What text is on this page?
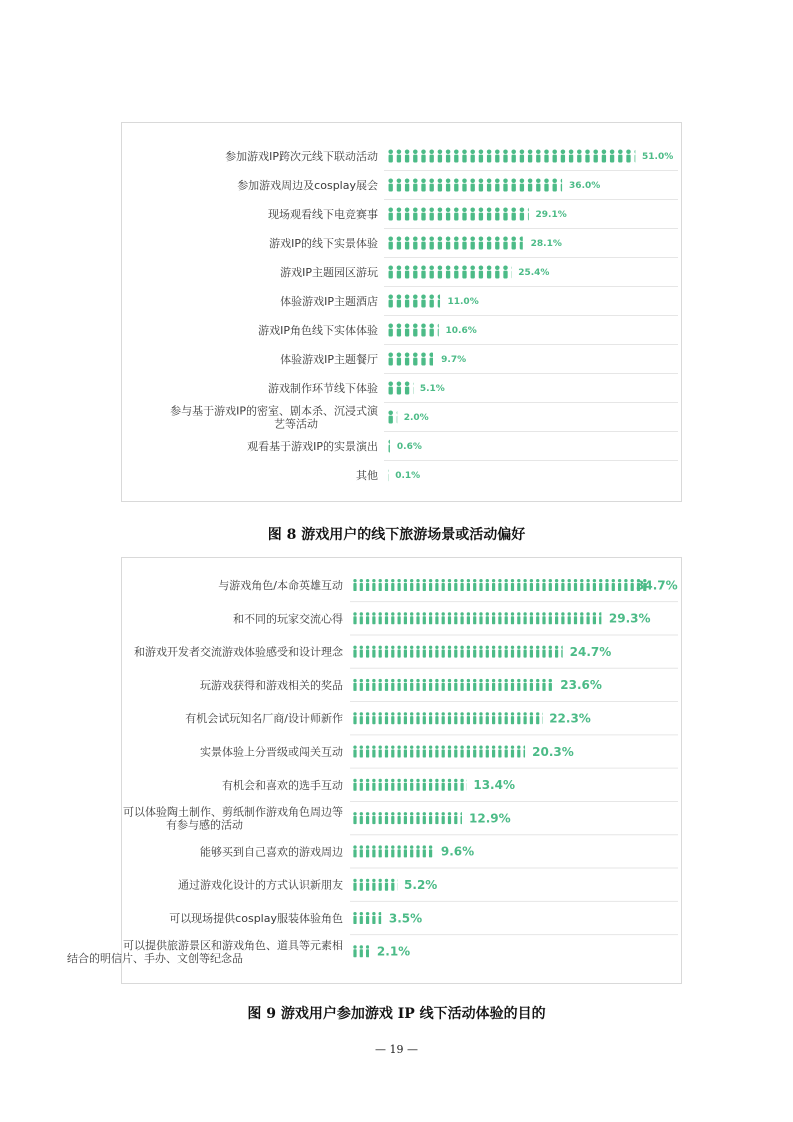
参加游戏IP跨次元线下联动活动	51.0%
参加游戏周边及cosplay展会	36.0%
现场观看线下电竞赛事	29.1%
游戏IP的线下实景体验	28.1%
游戏IP主题园区游玩	25.4%
体验游戏IP主题酒店	11.0%
游戏IP角色线下实体体验	10.6%
体验游戏IP主题餐厅	9.7%
游戏制作环节线下体验	5.1%
参与基于游戏IP的密室、剧本杀、沉浸式演艺等活动	2.0%
观看基于游戏IP的实景演出 0.6%
其他 0.1%
图 8 游戏用户的线下旅游场景或活动偏好
与游戏角色/本命英雄互动	34.7%
和不同的玩家交流心得	29.3%
和游戏开发者交流游戏体验感受和设计理念	24.7%
玩游戏获得和游戏相关的奖品	23.6%
有机会试玩知名厂商/设计师新作	22.3%
实景体验上分晋级或闯关互动	20.3%
有机会和喜欢的选手互动	13.4%
可以体验陶土制作、剪纸制作游戏角色周边等有参与感的活动	12.9%
能够买到自己喜欢的游戏周边	9.6%
通过游戏化设计的方式认识新朋友	5.2%
可以现场提供cosplay服装体验角色	3.5%
可以提供旅游景区和游戏角色、道具等元素相结合的明信片、手办、文创等纪念品	2.1%
图 9 游戏用户参加游戏 IP 线下活动体验的目的
— 19 —
